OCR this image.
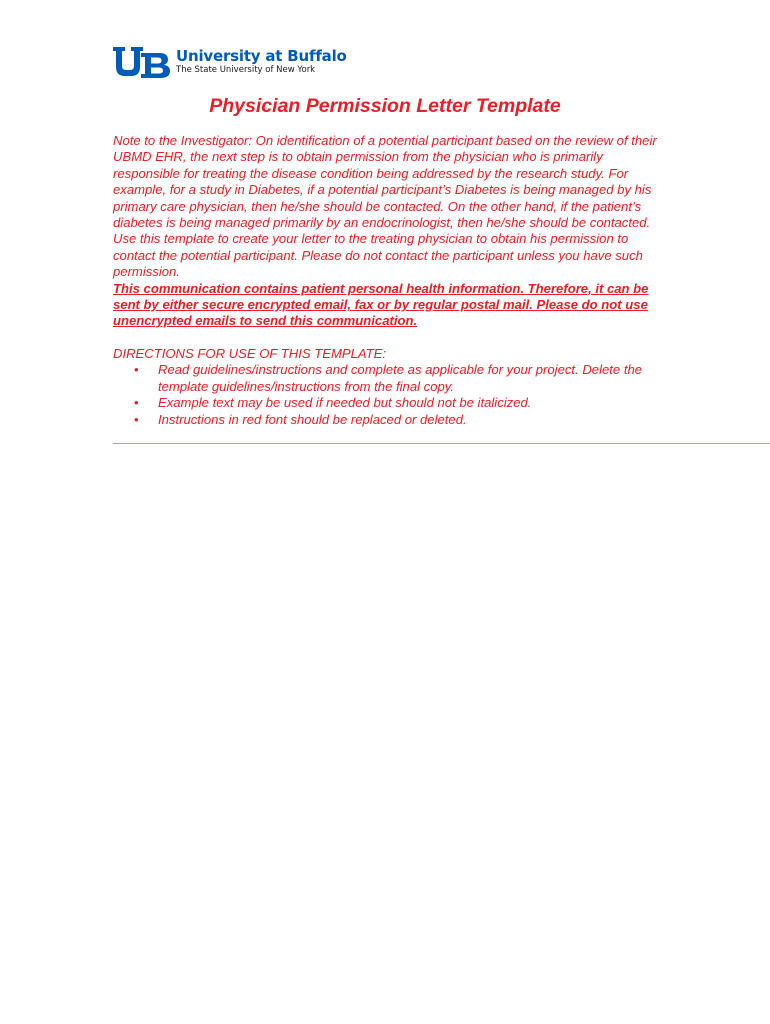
University at Buffalo
The State University of New York
Physician Permission Letter Template

Note to the Investigator: On identification of a potential participant based on the review of their UBMD EHR, the next step is to obtain permission from the physician who is primarily responsible for treating the disease condition being addressed by the research study. For example, for a study in Diabetes, if a potential participant’s Diabetes is being managed by his primary care physician, then he/she should be contacted. On the other hand, if the patient’s diabetes is being managed primarily by an endocrinologist, then he/she should be contacted. Use this template to create your letter to the treating physician to obtain his permission to contact the potential participant. Please do not contact the participant unless you have such permission.

This communication contains patient personal health information. Therefore, it can be sent by either secure encrypted email, fax or by regular postal mail. Please do not use unencrypted emails to send this communication.

DIRECTIONS FOR USE OF THIS TEMPLATE:

• Read guidelines/instructions and complete as applicable for your project. Delete the template guidelines/instructions from the final copy.
• Example text may be used if needed but should not be italicized.
• Instructions in red font should be replaced or deleted.
